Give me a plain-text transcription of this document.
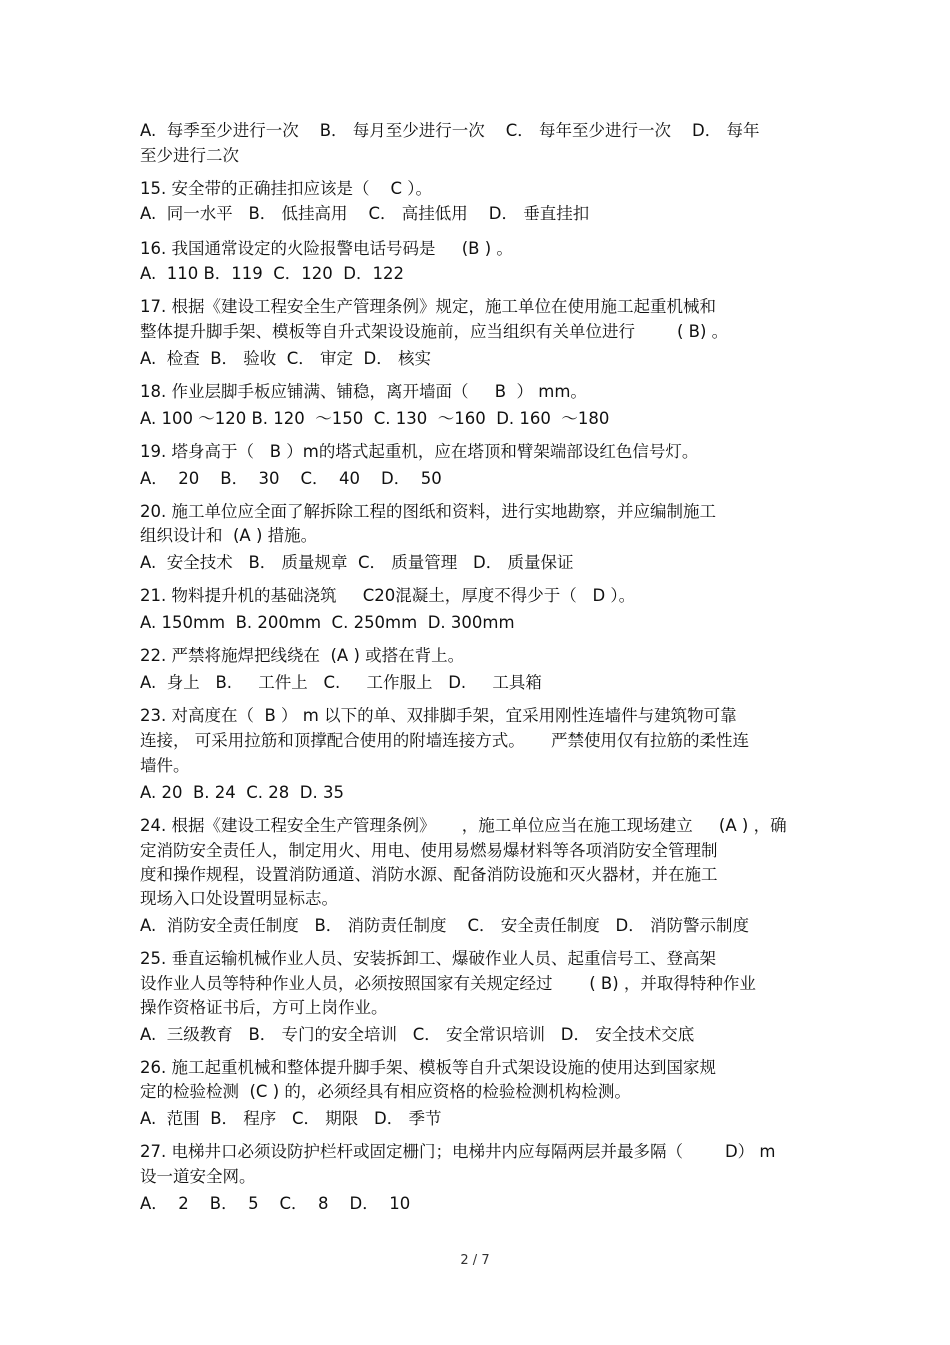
A.  每季至少进行一次    B． 每月至少进行一次    C． 每年至少进行一次    D． 每年

至少进行二次

15. 安全带的正确挂扣应该是（    C ）。

A.  同一水平   B． 低挂高用    C． 高挂低用    D． 垂直挂扣

16. 我国通常设定的火险报警电话号码是     (B ) 。

A.  110 B．119  C．120  D．122

17. 根据《建设工程安全生产管理条例》规定，施工单位在使用施工起重机械和

整体提升脚手架、模板等自升式架设设施前，应当组织有关单位进行        ( B) 。

A.  检查  B． 验收  C． 审定  D． 核实

18. 作业层脚手板应铺满、铺稳，离开墙面（     B  ） mm。

A. 100 ～120 B. 120  ～150  C. 130  ～160  D. 160  ～180

19. 塔身高于（   B ）m的塔式起重机，应在塔顶和臂架端部设红色信号灯。

A．  20    B．  30    C．  40    D．  50

20. 施工单位应全面了解拆除工程的图纸和资料，进行实地勘察，并应编制施工

组织设计和  (A ) 措施。

A.  安全技术   B． 质量规章  C． 质量管理   D． 质量保证

21. 物料提升机的基础浇筑     C20混凝土，厚度不得少于（   D ）。

A. 150mm  B. 200mm  C. 250mm  D. 300mm

22. 严禁将施焊把线绕在  (A ) 或搭在背上。

A.  身上   B.     工件上   C.     工作服上   D.     工具箱

23. 对高度在（  B ） m 以下的单、双排脚手架，宜采用刚性连墙件与建筑物可靠

连接， 可采用拉筋和顶撑配合使用的附墙连接方式。     严禁使用仅有拉筋的柔性连

墙件。

A. 20  B. 24  C. 28  D. 35

24. 根据《建设工程安全生产管理条例》     ，施工单位应当在施工现场建立     (A ) ，确

定消防安全责任人，制定用火、用电、使用易燃易爆材料等各项消防安全管理制

度和操作规程，设置消防通道、消防水源、配备消防设施和灭火器材，并在施工

现场入口处设置明显标志。

A.  消防安全责任制度   B． 消防责任制度    C． 安全责任制度   D． 消防警示制度

25. 垂直运输机械作业人员、安装拆卸工、爆破作业人员、起重信号工、登高架

设作业人员等特种作业人员，必须按照国家有关规定经过       ( B) ，并取得特种作业

操作资格证书后，方可上岗作业。

A.  三级教育   B． 专门的安全培训   C． 安全常识培训   D． 安全技术交底

26. 施工起重机械和整体提升脚手架、模板等自升式架设设施的使用达到国家规

定的检验检测  (C ) 的，必须经具有相应资格的检验检测机构检测。

A.  范围  B． 程序   C． 期限   D． 季节

27. 电梯井口必须设防护栏杆或固定栅门；电梯井内应每隔两层并最多隔（        D） m

设一道安全网。

A．  2    B．  5    C．  8    D．  10

2 / 7
